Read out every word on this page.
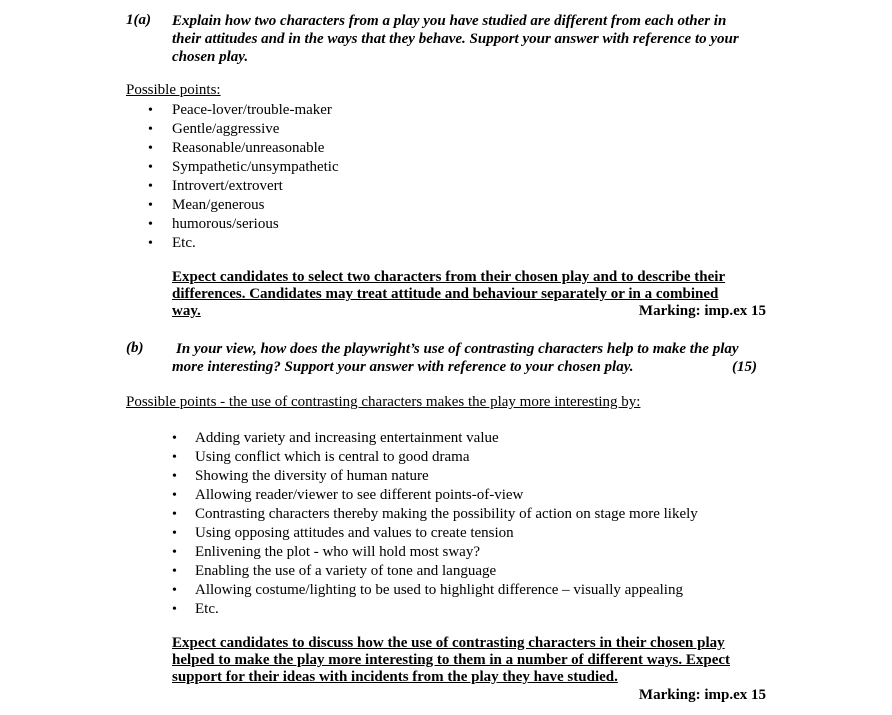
1(a) Explain how two characters from a play you have studied are different from each other in
their attitudes and in the ways that they behave. Support your answer with reference to your
chosen play.
Possible points:
• Peace-lover/trouble-maker
• Gentle/aggressive
• Reasonable/unreasonable
• Sympathetic/unsympathetic
• Introvert/extrovert
• Mean/generous
• humorous/serious
• Etc.
Expect candidates to select two characters from their chosen play and to describe their
differences. Candidates may treat attitude and behaviour separately or in a combined
way.	Marking: imp.ex 15
(b) In your view, how does the playwright’s use of contrasting characters help to make the play
more interesting? Support your answer with reference to your chosen play.	(15)
Possible points - the use of contrasting characters makes the play more interesting by:
• Adding variety and increasing entertainment value
• Using conflict which is central to good drama
• Showing the diversity of human nature
• Allowing reader/viewer to see different points-of-view
• Contrasting characters thereby making the possibility of action on stage more likely
• Using opposing attitudes and values to create tension
• Enlivening the plot - who will hold most sway?
• Enabling the use of a variety of tone and language
• Allowing costume/lighting to be used to highlight difference – visually appealing
• Etc.
Expect candidates to discuss how the use of contrasting characters in their chosen play
helped to make the play more interesting to them in a number of different ways. Expect
support for their ideas with incidents from the play they have studied.
Marking: imp.ex 15
